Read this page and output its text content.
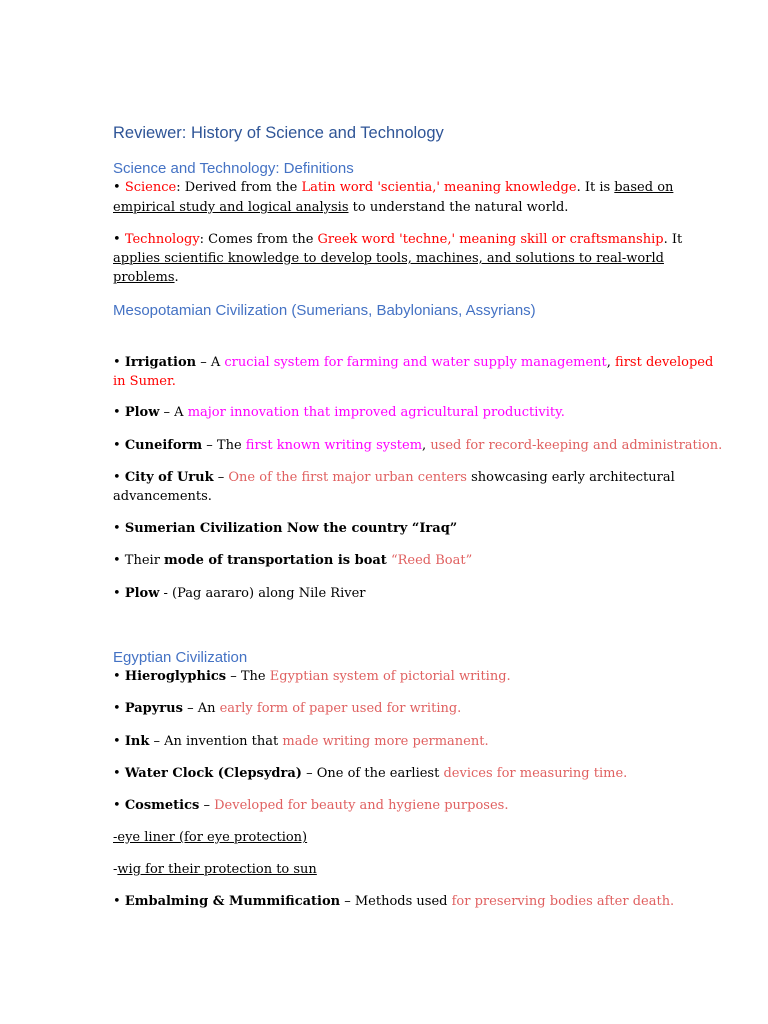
Reviewer: History of Science and Technology
Science and Technology: Definitions
• Science: Derived from the Latin word 'scientia,' meaning knowledge. It is based on
empirical study and logical analysis to understand the natural world.
• Technology: Comes from the Greek word 'techne,' meaning skill or craftsmanship. It
applies scientific knowledge to develop tools, machines, and solutions to real-world
problems.
Mesopotamian Civilization (Sumerians, Babylonians, Assyrians)
• Irrigation – A crucial system for farming and water supply management, first developed
in Sumer.
• Plow – A major innovation that improved agricultural productivity.
• Cuneiform – The first known writing system, used for record-keeping and administration.
• City of Uruk – One of the first major urban centers showcasing early architectural
advancements.
• Sumerian Civilization Now the country “Iraq”
• Their mode of transportation is boat “Reed Boat”
• Plow - (Pag aararo) along Nile River
Egyptian Civilization
• Hieroglyphics – The Egyptian system of pictorial writing.
• Papyrus – An early form of paper used for writing.
• Ink – An invention that made writing more permanent.
• Water Clock (Clepsydra) – One of the earliest devices for measuring time.
• Cosmetics – Developed for beauty and hygiene purposes.
-eye liner (for eye protection)
-wig for their protection to sun
• Embalming & Mummification – Methods used for preserving bodies after death.
